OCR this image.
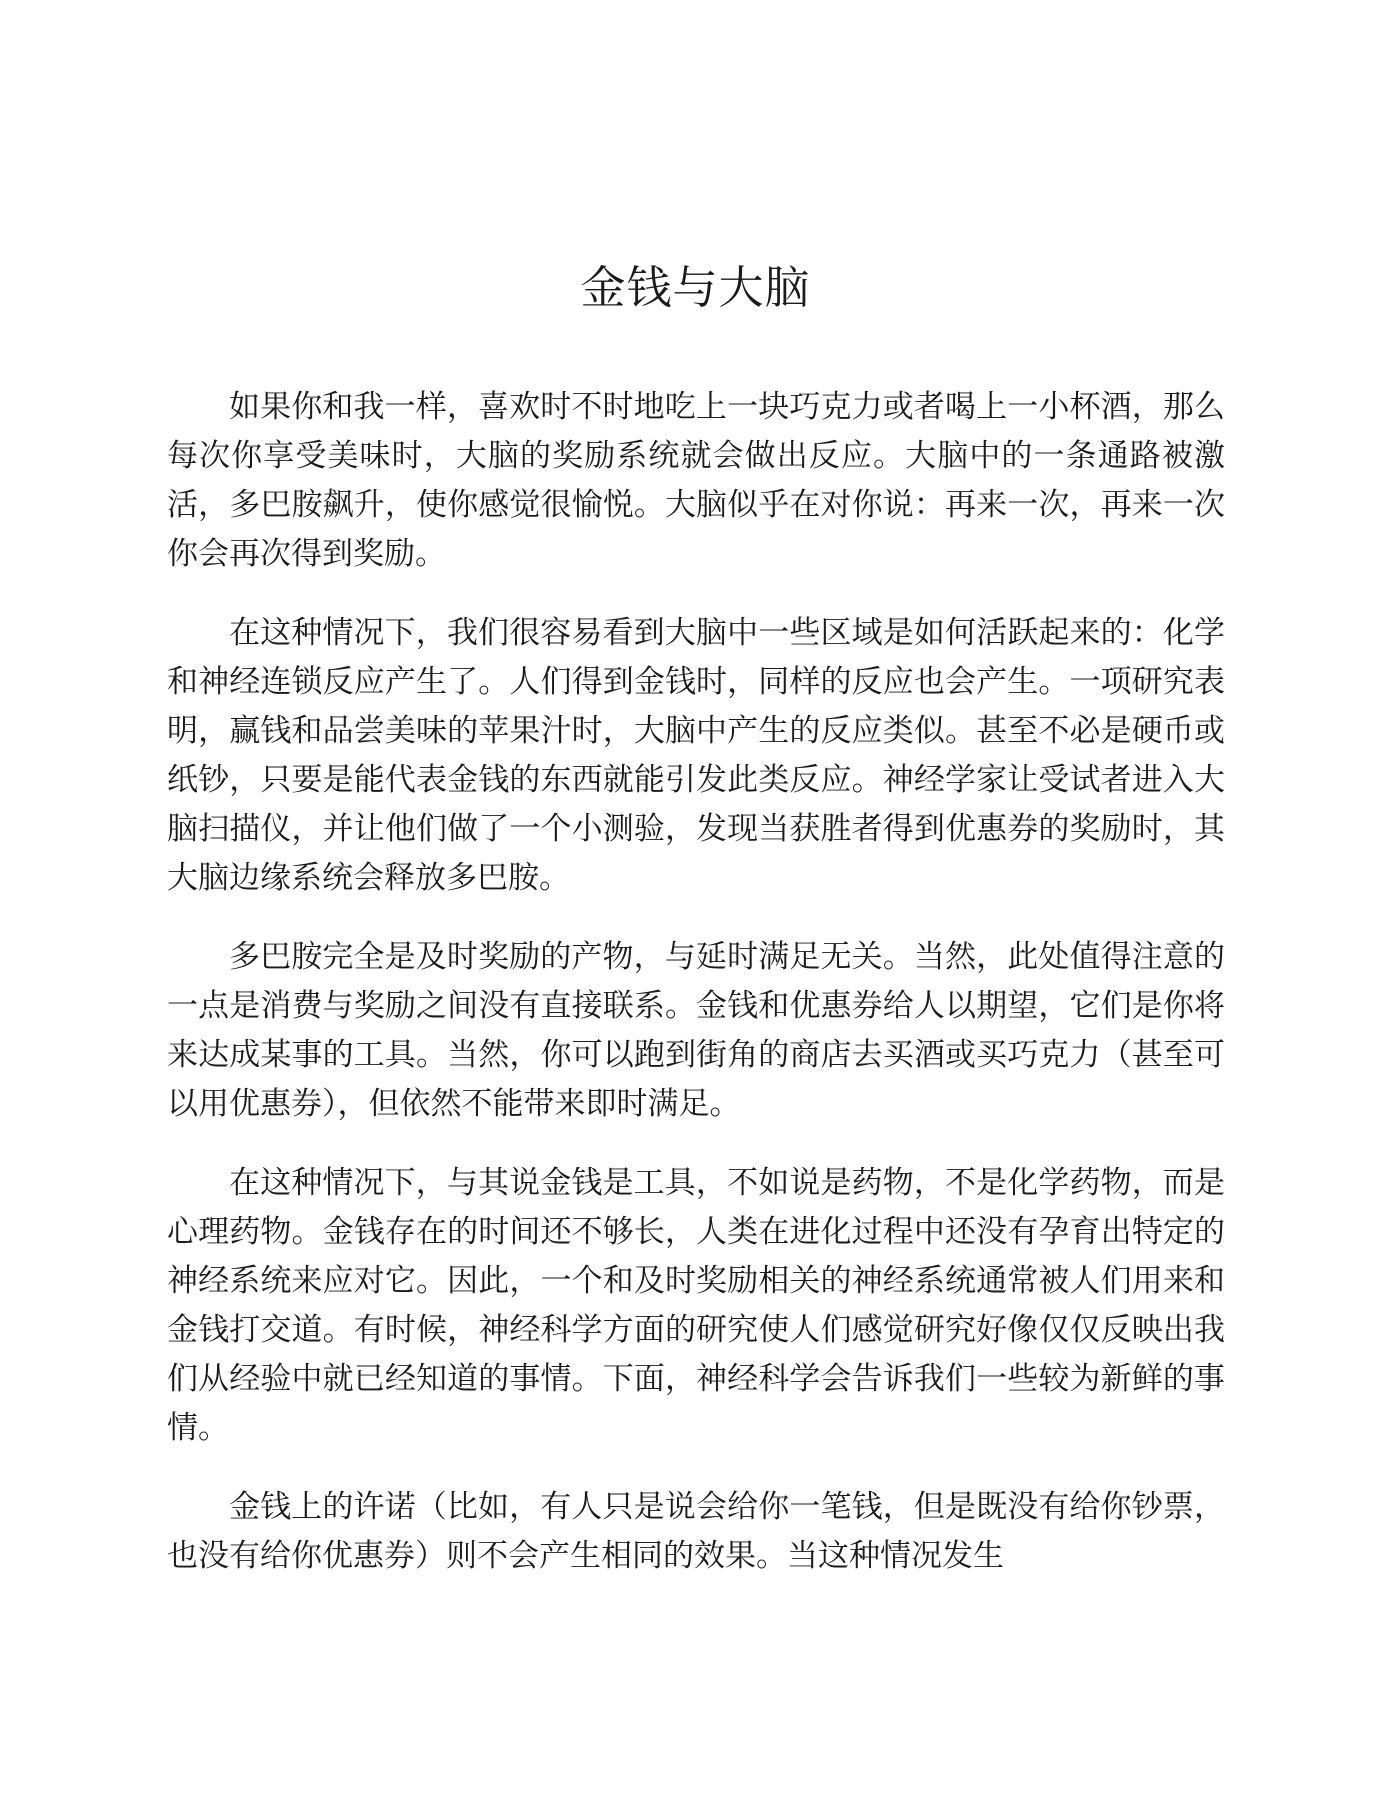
金钱与大脑

如果你和我一样，喜欢时不时地吃上一块巧克力或者喝上一小杯酒，那么每次你享受美味时，大脑的奖励系统就会做出反应。大脑中的一条通路被激活，多巴胺飙升，使你感觉很愉悦。大脑似乎在对你说：再来一次，再来一次你会再次得到奖励。

在这种情况下，我们很容易看到大脑中一些区域是如何活跃起来的：化学和神经连锁反应产生了。人们得到金钱时，同样的反应也会产生。一项研究表明，赢钱和品尝美味的苹果汁时，大脑中产生的反应类似。甚至不必是硬币或纸钞，只要是能代表金钱的东西就能引发此类反应。神经学家让受试者进入大脑扫描仪，并让他们做了一个小测验，发现当获胜者得到优惠券的奖励时，其大脑边缘系统会释放多巴胺。

多巴胺完全是及时奖励的产物，与延时满足无关。当然，此处值得注意的一点是消费与奖励之间没有直接联系。金钱和优惠券给人以期望，它们是你将来达成某事的工具。当然，你可以跑到街角的商店去买酒或买巧克力（甚至可以用优惠券），但依然不能带来即时满足。

在这种情况下，与其说金钱是工具，不如说是药物，不是化学药物，而是心理药物。金钱存在的时间还不够长，人类在进化过程中还没有孕育出特定的神经系统来应对它。因此，一个和及时奖励相关的神经系统通常被人们用来和金钱打交道。有时候，神经科学方面的研究使人们感觉研究好像仅仅反映出我们从经验中就已经知道的事情。下面，神经科学会告诉我们一些较为新鲜的事情。

金钱上的许诺（比如，有人只是说会给你一笔钱，但是既没有给你钞票，也没有给你优惠券）则不会产生相同的效果。当这种情况发生
